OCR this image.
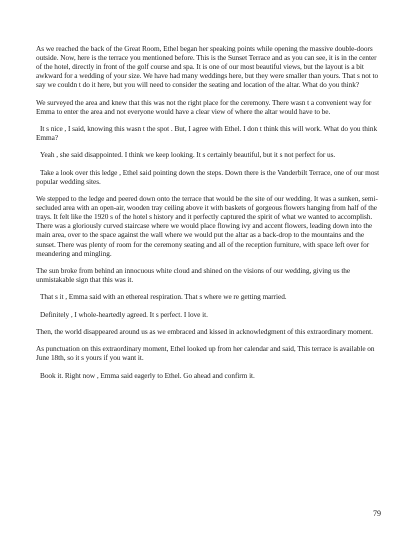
As we reached the back of the Great Room, Ethel began her speaking points while opening the massive double-doors outside. Now, here is the terrace you mentioned before. This is the Sunset Terrace and as you can see, it is in the center of the hotel, directly in front of the golf course and spa. It is one of our most beautiful views, but the layout is a bit awkward for a wedding of your size. We have had many weddings here, but they were smaller than yours. That s not to say we couldn t do it here, but you will need to consider the seating and location of the altar. What do you think?

We surveyed the area and knew that this was not the right place for the ceremony. There wasn t a convenient way for Emma to enter the area and not everyone would have a clear view of where the altar would have to be.

It s nice , I said, knowing this wasn t the spot . But, I agree with Ethel. I don t think this will work. What do you think Emma?

Yeah , she said disappointed. I think we keep looking. It s certainly beautiful, but it s not perfect for us.

Take a look over this ledge , Ethel said pointing down the steps. Down there is the Vanderbilt Terrace, one of our most popular wedding sites.

We stepped to the ledge and peered down onto the terrace that would be the site of our wedding. It was a sunken, semi-secluded area with an open-air, wooden tray ceiling above it with baskets of gorgeous flowers hanging from half of the trays. It felt like the 1920 s of the hotel s history and it perfectly captured the spirit of what we wanted to accomplish. There was a gloriously curved staircase where we would place flowing ivy and accent flowers, leading down into the main area, over to the space against the wall where we would put the altar as a back-drop to the mountains and the sunset. There was plenty of room for the ceremony seating and all of the reception furniture, with space left over for meandering and mingling.

The sun broke from behind an innocuous white cloud and shined on the visions of our wedding, giving us the unmistakable sign that this was it.

That s it , Emma said with an ethereal respiration. That s where we re getting married.

Definitely , I whole-heartedly agreed. It s perfect. I love it.

Then, the world disappeared around us as we embraced and kissed in acknowledgment of this extraordinary moment.

As punctuation on this extraordinary moment, Ethel looked up from her calendar and said, This terrace is available on June 18th, so it s yours if you want it.

Book it. Right now , Emma said eagerly to Ethel. Go ahead and confirm it.

79
